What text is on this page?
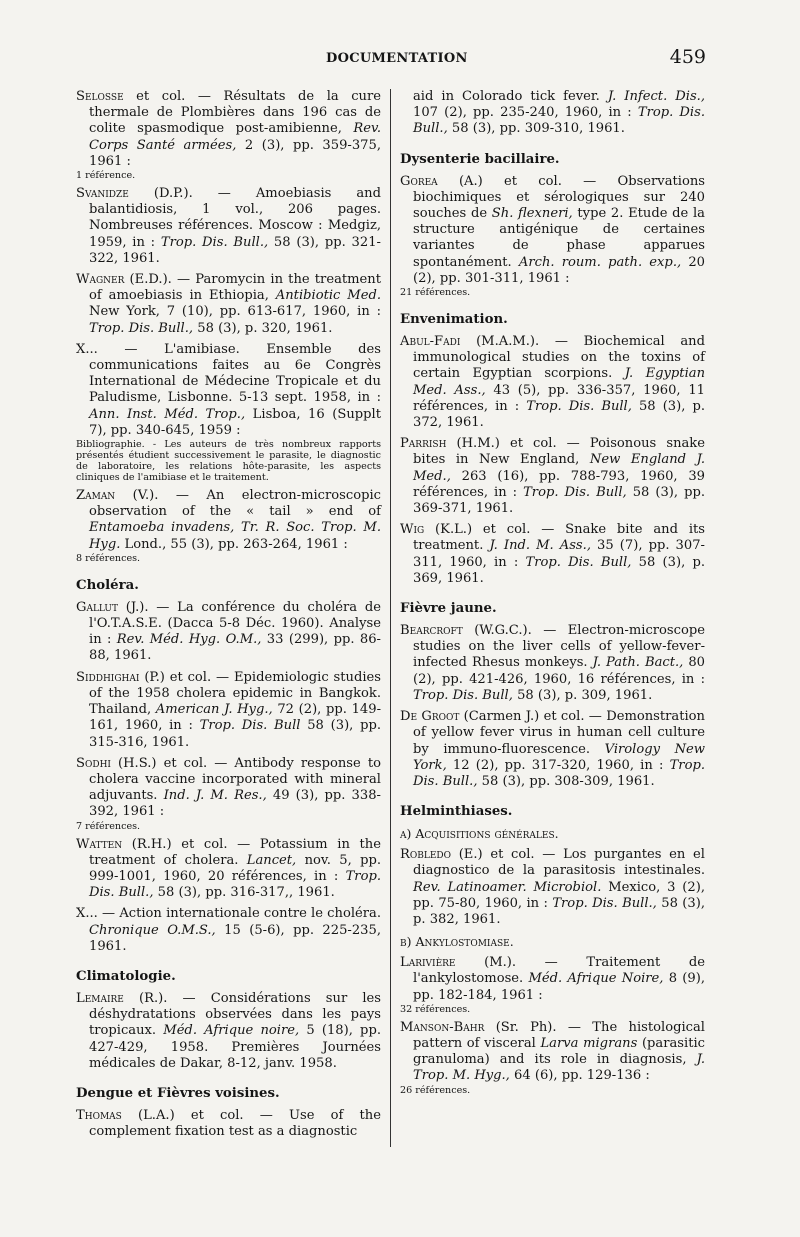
DOCUMENTATION	459

Selosse et col. — Résultats de la cure thermale de Plombières dans 196 cas de colite spasmodique post-amibienne, Rev. Corps Santé armées, 2 (3), pp. 359-375, 1961 :
1 référence.

Svanidze (D.P.). — Amoebiasis and balantidiosis, 1 vol., 206 pages. Nombreuses références. Moscow : Medgiz, 1959, in : Trop. Dis. Bull., 58 (3), pp. 321-322, 1961.

Wagner (E.D.). — Paromycin in the treatment of amoebiasis in Ethiopia, Antibiotic Med. New York, 7 (10), pp. 613-617, 1960, in : Trop. Dis. Bull., 58 (3), p. 320, 1961.

X... — L'amibiase. Ensemble des communications faites au 6e Congrès International de Médecine Tropicale et du Paludisme, Lisbonne. 5-13 sept. 1958, in : Ann. Inst. Méd. Trop., Lisboa, 16 (Supplt 7), pp. 340-645, 1959 :
Bibliographie. - Les auteurs de très nombreux rapports présentés étudient successivement le parasite, le diagnostic de laboratoire, les relations hôte-parasite, les aspects cliniques de l'amibiase et le traitement.

Zaman (V.). — An electron-microscopic observation of the « tail » end of Entamoeba invadens, Tr. R. Soc. Trop. M. Hyg. Lond., 55 (3), pp. 263-264, 1961 :
8 références.

Choléra.

Gallut (J.). — La conférence du choléra de l'O.T.A.S.E. (Dacca 5-8 Déc. 1960). Analyse in : Rev. Méd. Hyg. O.M., 33 (299), pp. 86-88, 1961.

Siddhighai (P.) et col. — Epidemiologic studies of the 1958 cholera epidemic in Bangkok. Thailand, American J. Hyg., 72 (2), pp. 149-161, 1960, in : Trop. Dis. Bull 58 (3), pp. 315-316, 1961.

Sodhi (H.S.) et col. — Antibody response to cholera vaccine incorporated with mineral adjuvants. Ind. J. M. Res., 49 (3), pp. 338-392, 1961 :
7 références.

Watten (R.H.) et col. — Potassium in the treatment of cholera. Lancet, nov. 5, pp. 999-1001, 1960, 20 références, in : Trop. Dis. Bull., 58 (3), pp. 316-317,, 1961.

X... — Action internationale contre le choléra. Chronique O.M.S., 15 (5-6), pp. 225-235, 1961.

Climatologie.

Lemaire (R.). — Considérations sur les déshydratations observées dans les pays tropicaux. Méd. Afrique noire, 5 (18), pp. 427-429, 1958. Premières Journées médicales de Dakar, 8-12, janv. 1958.

Dengue et Fièvres voisines.

Thomas (L.A.) et col. — Use of the complement fixation test as a diagnostic

aid in Colorado tick fever. J. Infect. Dis., 107 (2), pp. 235-240, 1960, in : Trop. Dis. Bull., 58 (3), pp. 309-310, 1961.

Dysenterie bacillaire.

Gorea (A.) et col. — Observations biochimiques et sérologiques sur 240 souches de Sh. flexneri, type 2. Etude de la structure antigénique de certaines variantes de phase apparues spontanément. Arch. roum. path. exp., 20 (2), pp. 301-311, 1961 :
21 références.

Envenimation.

Abul-Fadi (M.A.M.). — Biochemical and immunological studies on the toxins of certain Egyptian scorpions. J. Egyptian Med. Ass., 43 (5), pp. 336-357, 1960, 11 références, in : Trop. Dis. Bull, 58 (3), p. 372, 1961.

Parrish (H.M.) et col. — Poisonous snake bites in New England, New England J. Med., 263 (16), pp. 788-793, 1960, 39 références, in : Trop. Dis. Bull, 58 (3), pp. 369-371, 1961.

Wig (K.L.) et col. — Snake bite and its treatment. J. Ind. M. Ass., 35 (7), pp. 307-311, 1960, in : Trop. Dis. Bull, 58 (3), p. 369, 1961.

Fièvre jaune.

Bearcroft (W.G.C.). — Electron-microscope studies on the liver cells of yellow-fever-infected Rhesus monkeys. J. Path. Bact., 80 (2), pp. 421-426, 1960, 16 références, in : Trop. Dis. Bull, 58 (3), p. 309, 1961.

De Groot (Carmen J.) et col. — Demonstration of yellow fever virus in human cell culture by immuno-fluorescence. Virology New York, 12 (2), pp. 317-320, 1960, in : Trop. Dis. Bull., 58 (3), pp. 308-309, 1961.

Helminthiases.
a) Acquisitions générales.

Robledo (E.) et col. — Los purgantes en el diagnostico de la parasitosis intestinales. Rev. Latinoamer. Microbiol. Mexico, 3 (2), pp. 75-80, 1960, in : Trop. Dis. Bull., 58 (3), p. 382, 1961.

b) Ankylostomiase.

Larivière (M.). — Traitement de l'ankylostomose. Méd. Afrique Noire, 8 (9), pp. 182-184, 1961 :
32 références.

Manson-Bahr (Sr. Ph). — The histological pattern of visceral Larva migrans (parasitic granuloma) and its role in diagnosis, J. Trop. M. Hyg., 64 (6), pp. 129-136 :
26 références.
